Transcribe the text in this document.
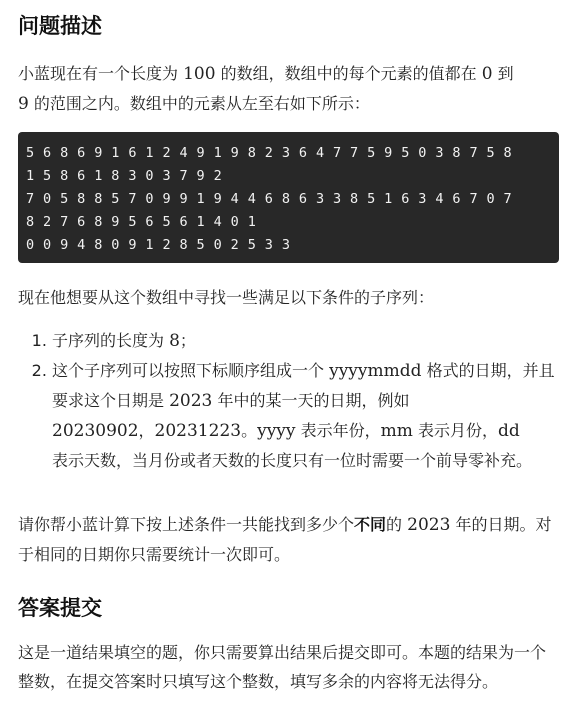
问题描述

小蓝现在有一个长度为 100 的数组，数组中的每个元素的值都在 0 到
9 的范围之内。数组中的元素从左至右如下所示：

5 6 8 6 9 1 6 1 2 4 9 1 9 8 2 3 6 4 7 7 5 9 5 0 3 8 7 5 8
1 5 8 6 1 8 3 0 3 7 9 2
7 0 5 8 8 5 7 0 9 9 1 9 4 4 6 8 6 3 3 8 5 1 6 3 4 6 7 0 7
8 2 7 6 8 9 5 6 5 6 1 4 0 1
0 0 9 4 8 0 9 1 2 8 5 0 2 5 3 3

现在他想要从这个数组中寻找一些满足以下条件的子序列：

1. 子序列的长度为 8；
2. 这个子序列可以按照下标顺序组成一个 yyyymmdd 格式的日期，并且要求这个日期是 2023 年中的某一天的日期，例如
20230902，20231223。yyyy 表示年份，mm 表示月份，dd
表示天数，当月份或者天数的长度只有一位时需要一个前导零补充。

请你帮小蓝计算下按上述条件一共能找到多少个不同的 2023 年的日期。对于相同的日期你只需要统计一次即可。

答案提交

这是一道结果填空的题，你只需要算出结果后提交即可。本题的结果为一个整数，在提交答案时只填写这个整数，填写多余的内容将无法得分。
